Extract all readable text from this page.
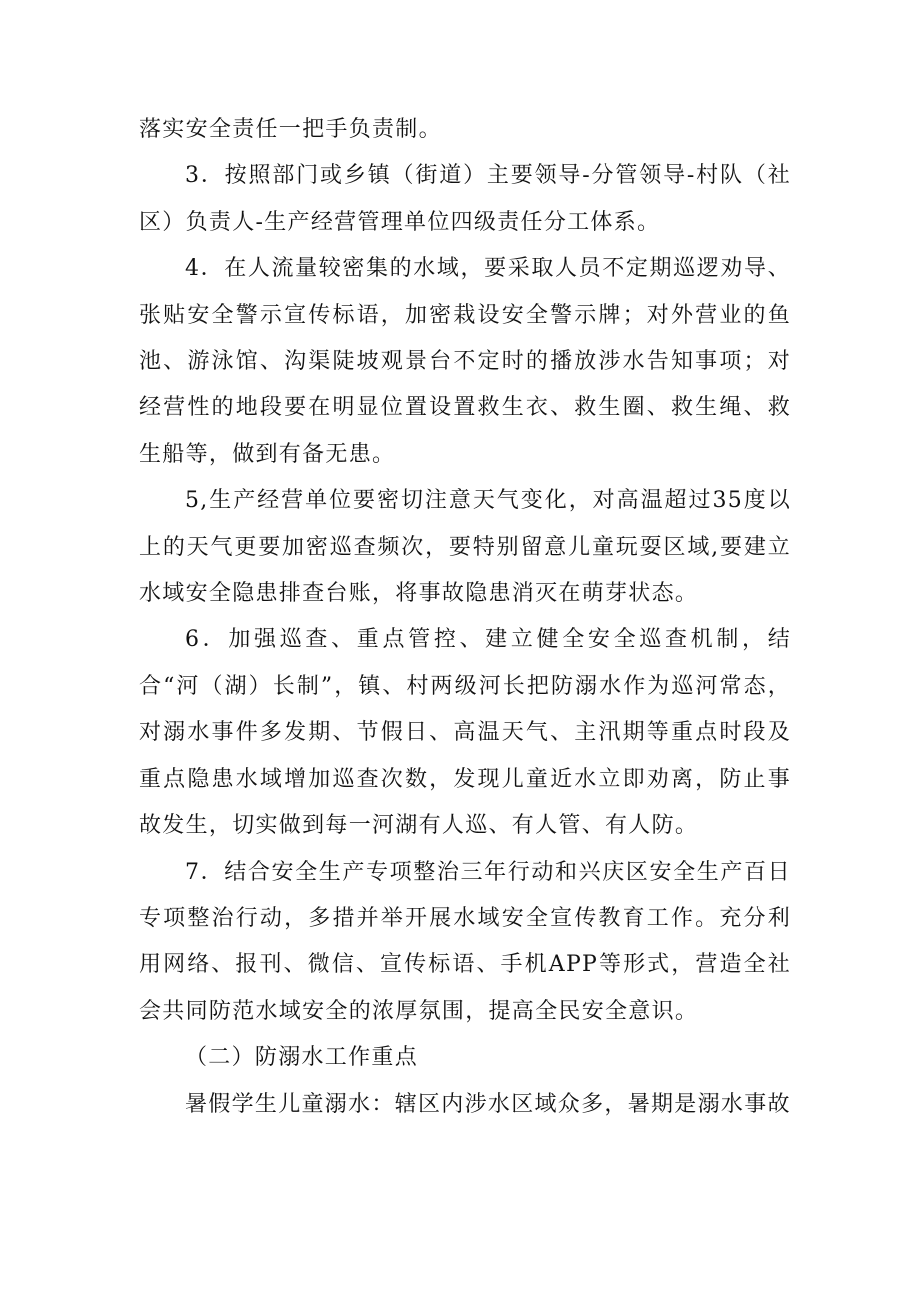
落实安全责任一把手负责制。

3．按照部门或乡镇（街道）主要领导-分管领导-村队（社区）负责人-生产经营管理单位四级责任分工体系。

4．在人流量较密集的水域，要采取人员不定期巡逻劝导、张贴安全警示宣传标语，加密栽设安全警示牌；对外营业的鱼池、游泳馆、沟渠陡坡观景台不定时的播放涉水告知事项；对经营性的地段要在明显位置设置救生衣、救生圈、救生绳、救生船等，做到有备无患。

5,生产经营单位要密切注意天气变化，对高温超过35度以上的天气更要加密巡查频次，要特别留意儿童玩耍区域,要建立水域安全隐患排查台账，将事故隐患消灭在萌芽状态。

6．加强巡查、重点管控、建立健全安全巡查机制，结合“河（湖）长制”，镇、村两级河长把防溺水作为巡河常态，对溺水事件多发期、节假日、高温天气、主汛期等重点时段及重点隐患水域增加巡查次数，发现儿童近水立即劝离，防止事故发生，切实做到每一河湖有人巡、有人管、有人防。

7．结合安全生产专项整治三年行动和兴庆区安全生产百日专项整治行动，多措并举开展水域安全宣传教育工作。充分利用网络、报刊、微信、宣传标语、手机APP等形式，营造全社会共同防范水域安全的浓厚氛围，提高全民安全意识。

（二）防溺水工作重点

暑假学生儿童溺水：辖区内涉水区域众多，暑期是溺水事故
